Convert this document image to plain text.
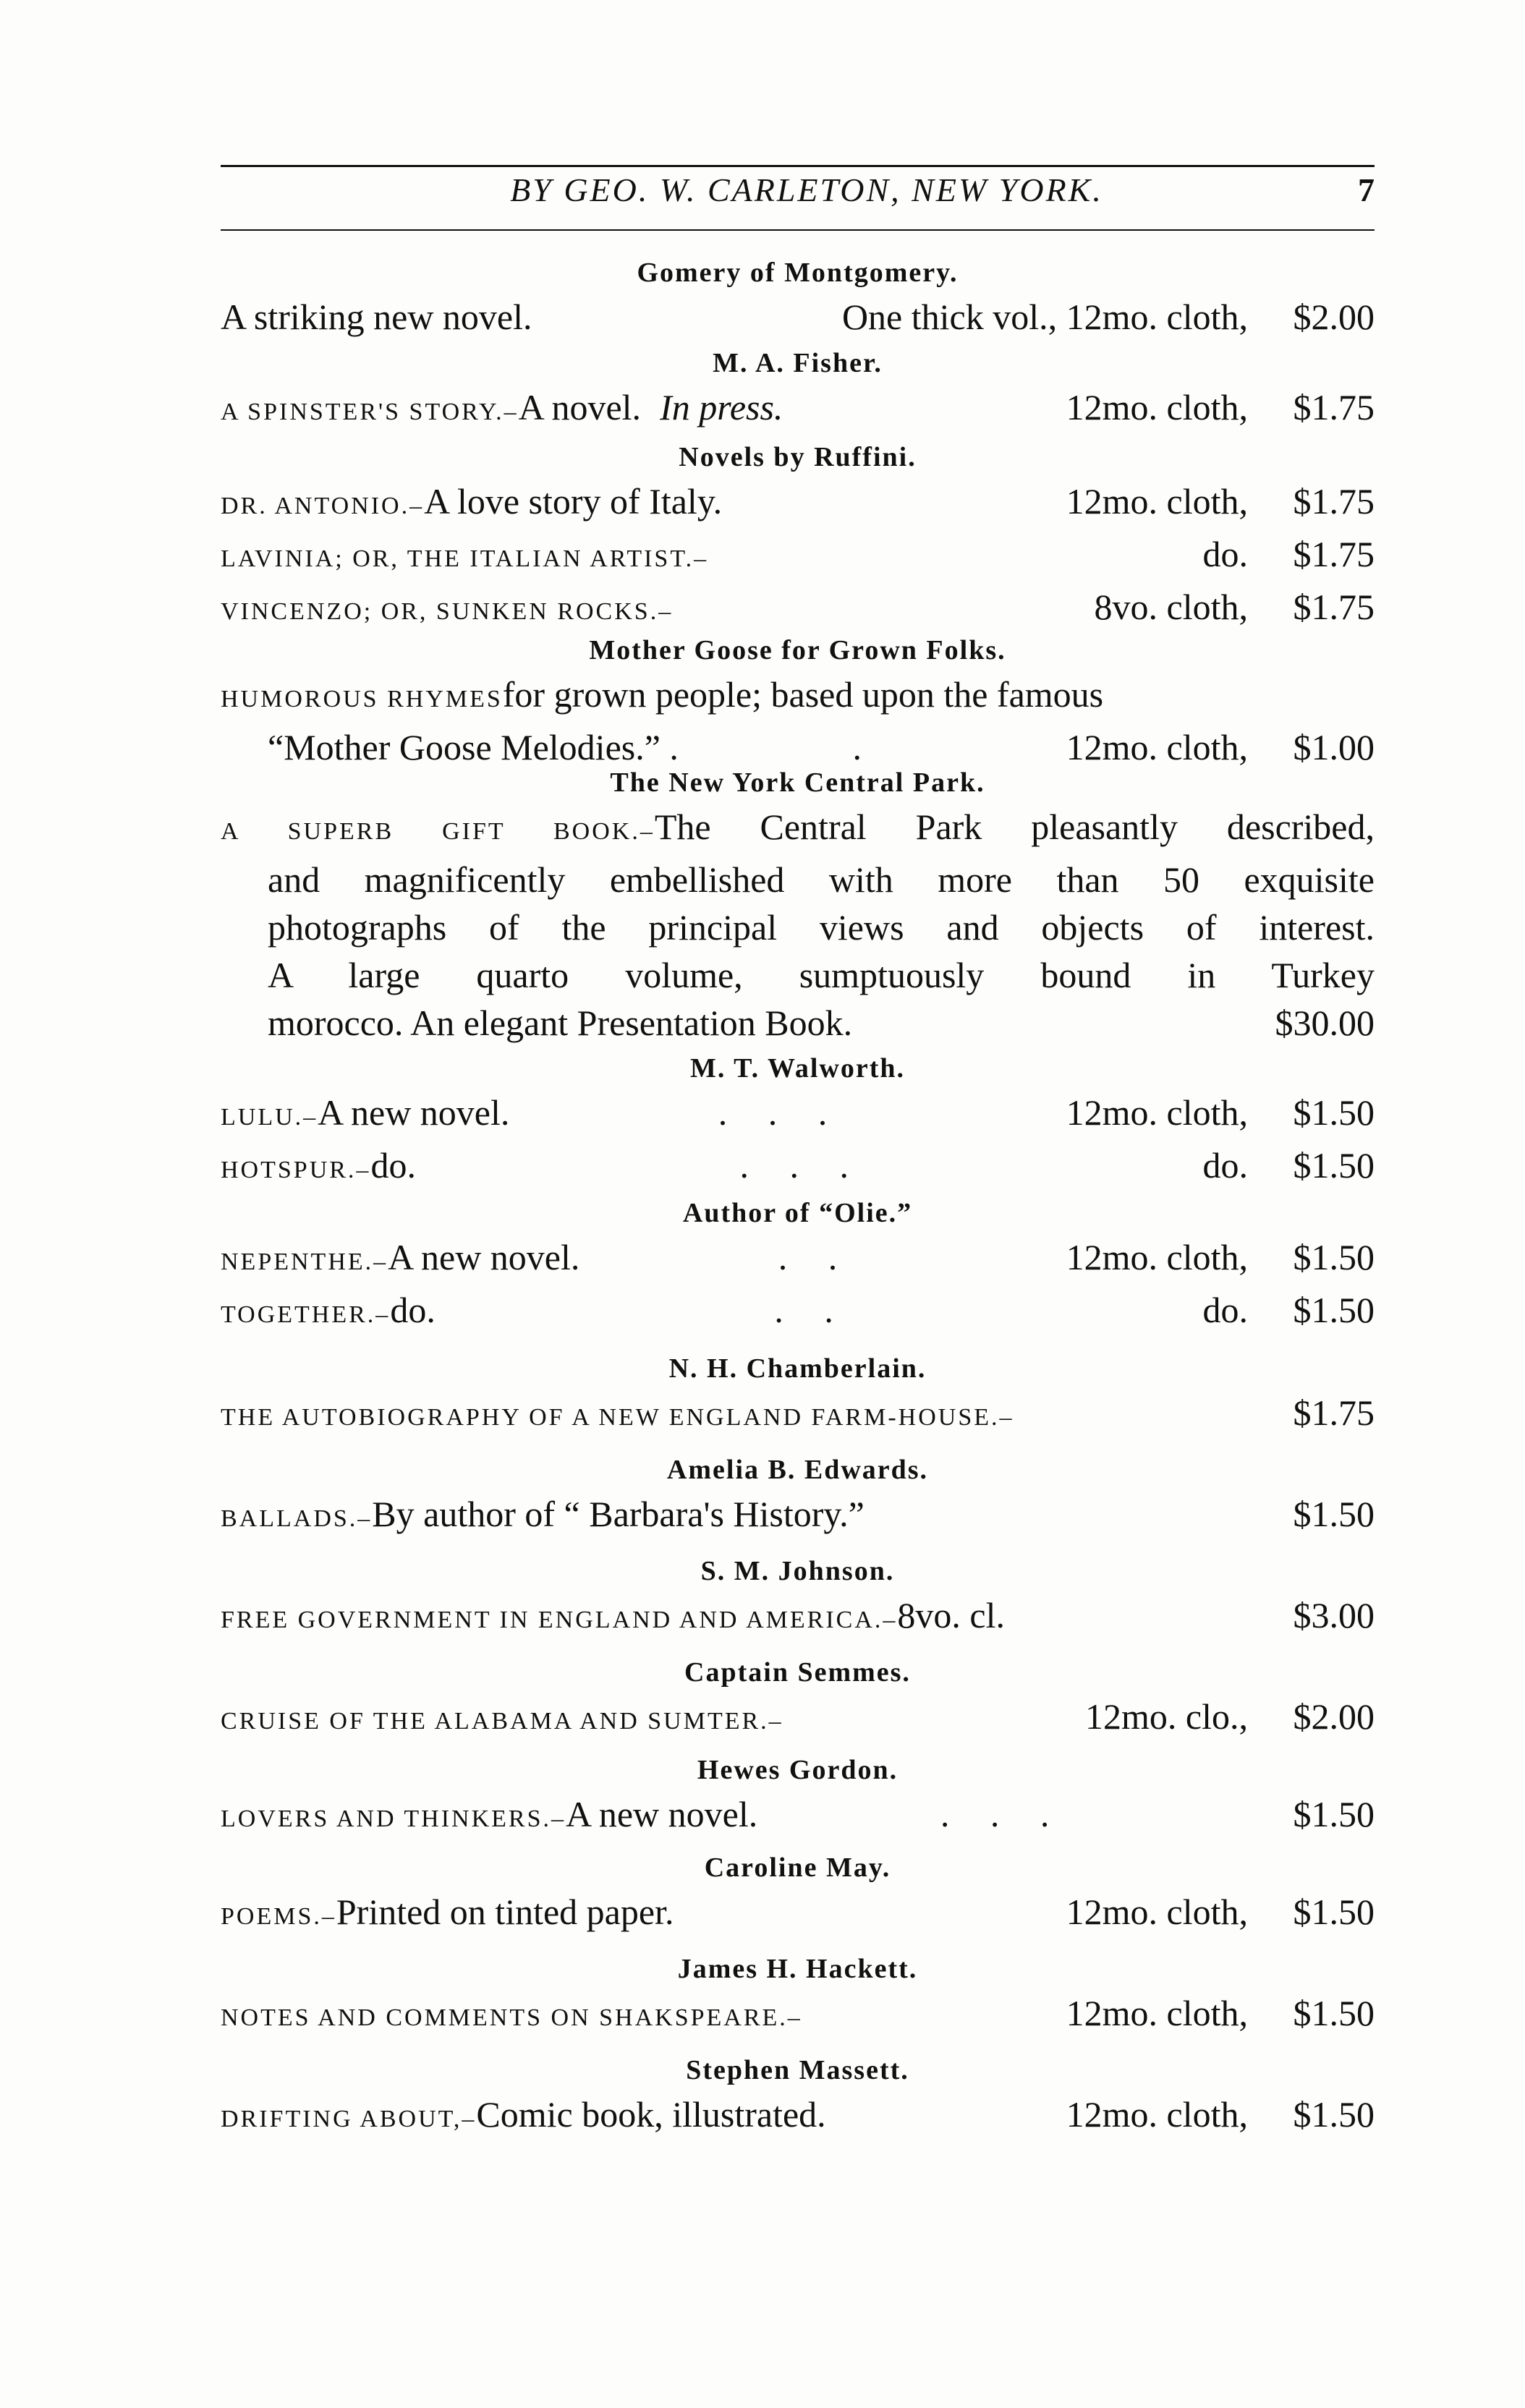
BY GEO. W. CARLETON, NEW YORK.	7
Gomery of Montgomery.
A striking new novel.	One thick vol., 12mo. cloth,	$2.00
M. A. Fisher.
A SPINSTER'S STORY.– A novel. In press.	12mo. cloth,	$1.75
Novels by Ruffini.
DR. ANTONIO.– A love story of Italy.	12mo. cloth,	$1.75
LAVINIA; OR, THE ITALIAN ARTIST.–	do.	$1.75
VINCENZO; OR, SUNKEN ROCKS.–	8vo. cloth,	$1.75
Mother Goose for Grown Folks.
HUMOROUS RHYMES for grown people; based upon the famous
“Mother Goose Melodies.” .	.	12mo. cloth,	$1.00
The New York Central Park.
A SUPERB GIFT BOOK.–The Central Park pleasantly described,
and magnificently embellished with more than 50 exquisite
photographs of the principal views and objects of interest.
A large quarto volume, sumptuously bound in Turkey
morocco. An elegant Presentation Book.	$30.00
M. T. Walworth.
LULU.– A new novel.	. . .	12mo. cloth,	$1.50
HOTSPUR.– do.	. . .	do.	$1.50
Author of “Olie.”
NEPENTHE.– A new novel.	. .	12mo. cloth,	$1.50
TOGETHER.– do.	. .	do.	$1.50
N. H. Chamberlain.
THE AUTOBIOGRAPHY OF A NEW ENGLAND FARM-HOUSE.–	$1.75
Amelia B. Edwards.
BALLADS.– By author of “ Barbara's History.”	$1.50
S. M. Johnson.
FREE GOVERNMENT IN ENGLAND AND AMERICA.– 8vo. cl.	$3.00
Captain Semmes.
CRUISE OF THE ALABAMA AND SUMTER.–	12mo. clo.,	$2.00
Hewes Gordon.
LOVERS AND THINKERS.– A new novel.	. . .	$1.50
Caroline May.
POEMS.– Printed on tinted paper.	12mo. cloth,	$1.50
James H. Hackett.
NOTES AND COMMENTS ON SHAKSPEARE.–	12mo. cloth,	$1.50
Stephen Massett.
DRIFTING ABOUT,– Comic book, illustrated.	12mo. cloth,	$1.50
